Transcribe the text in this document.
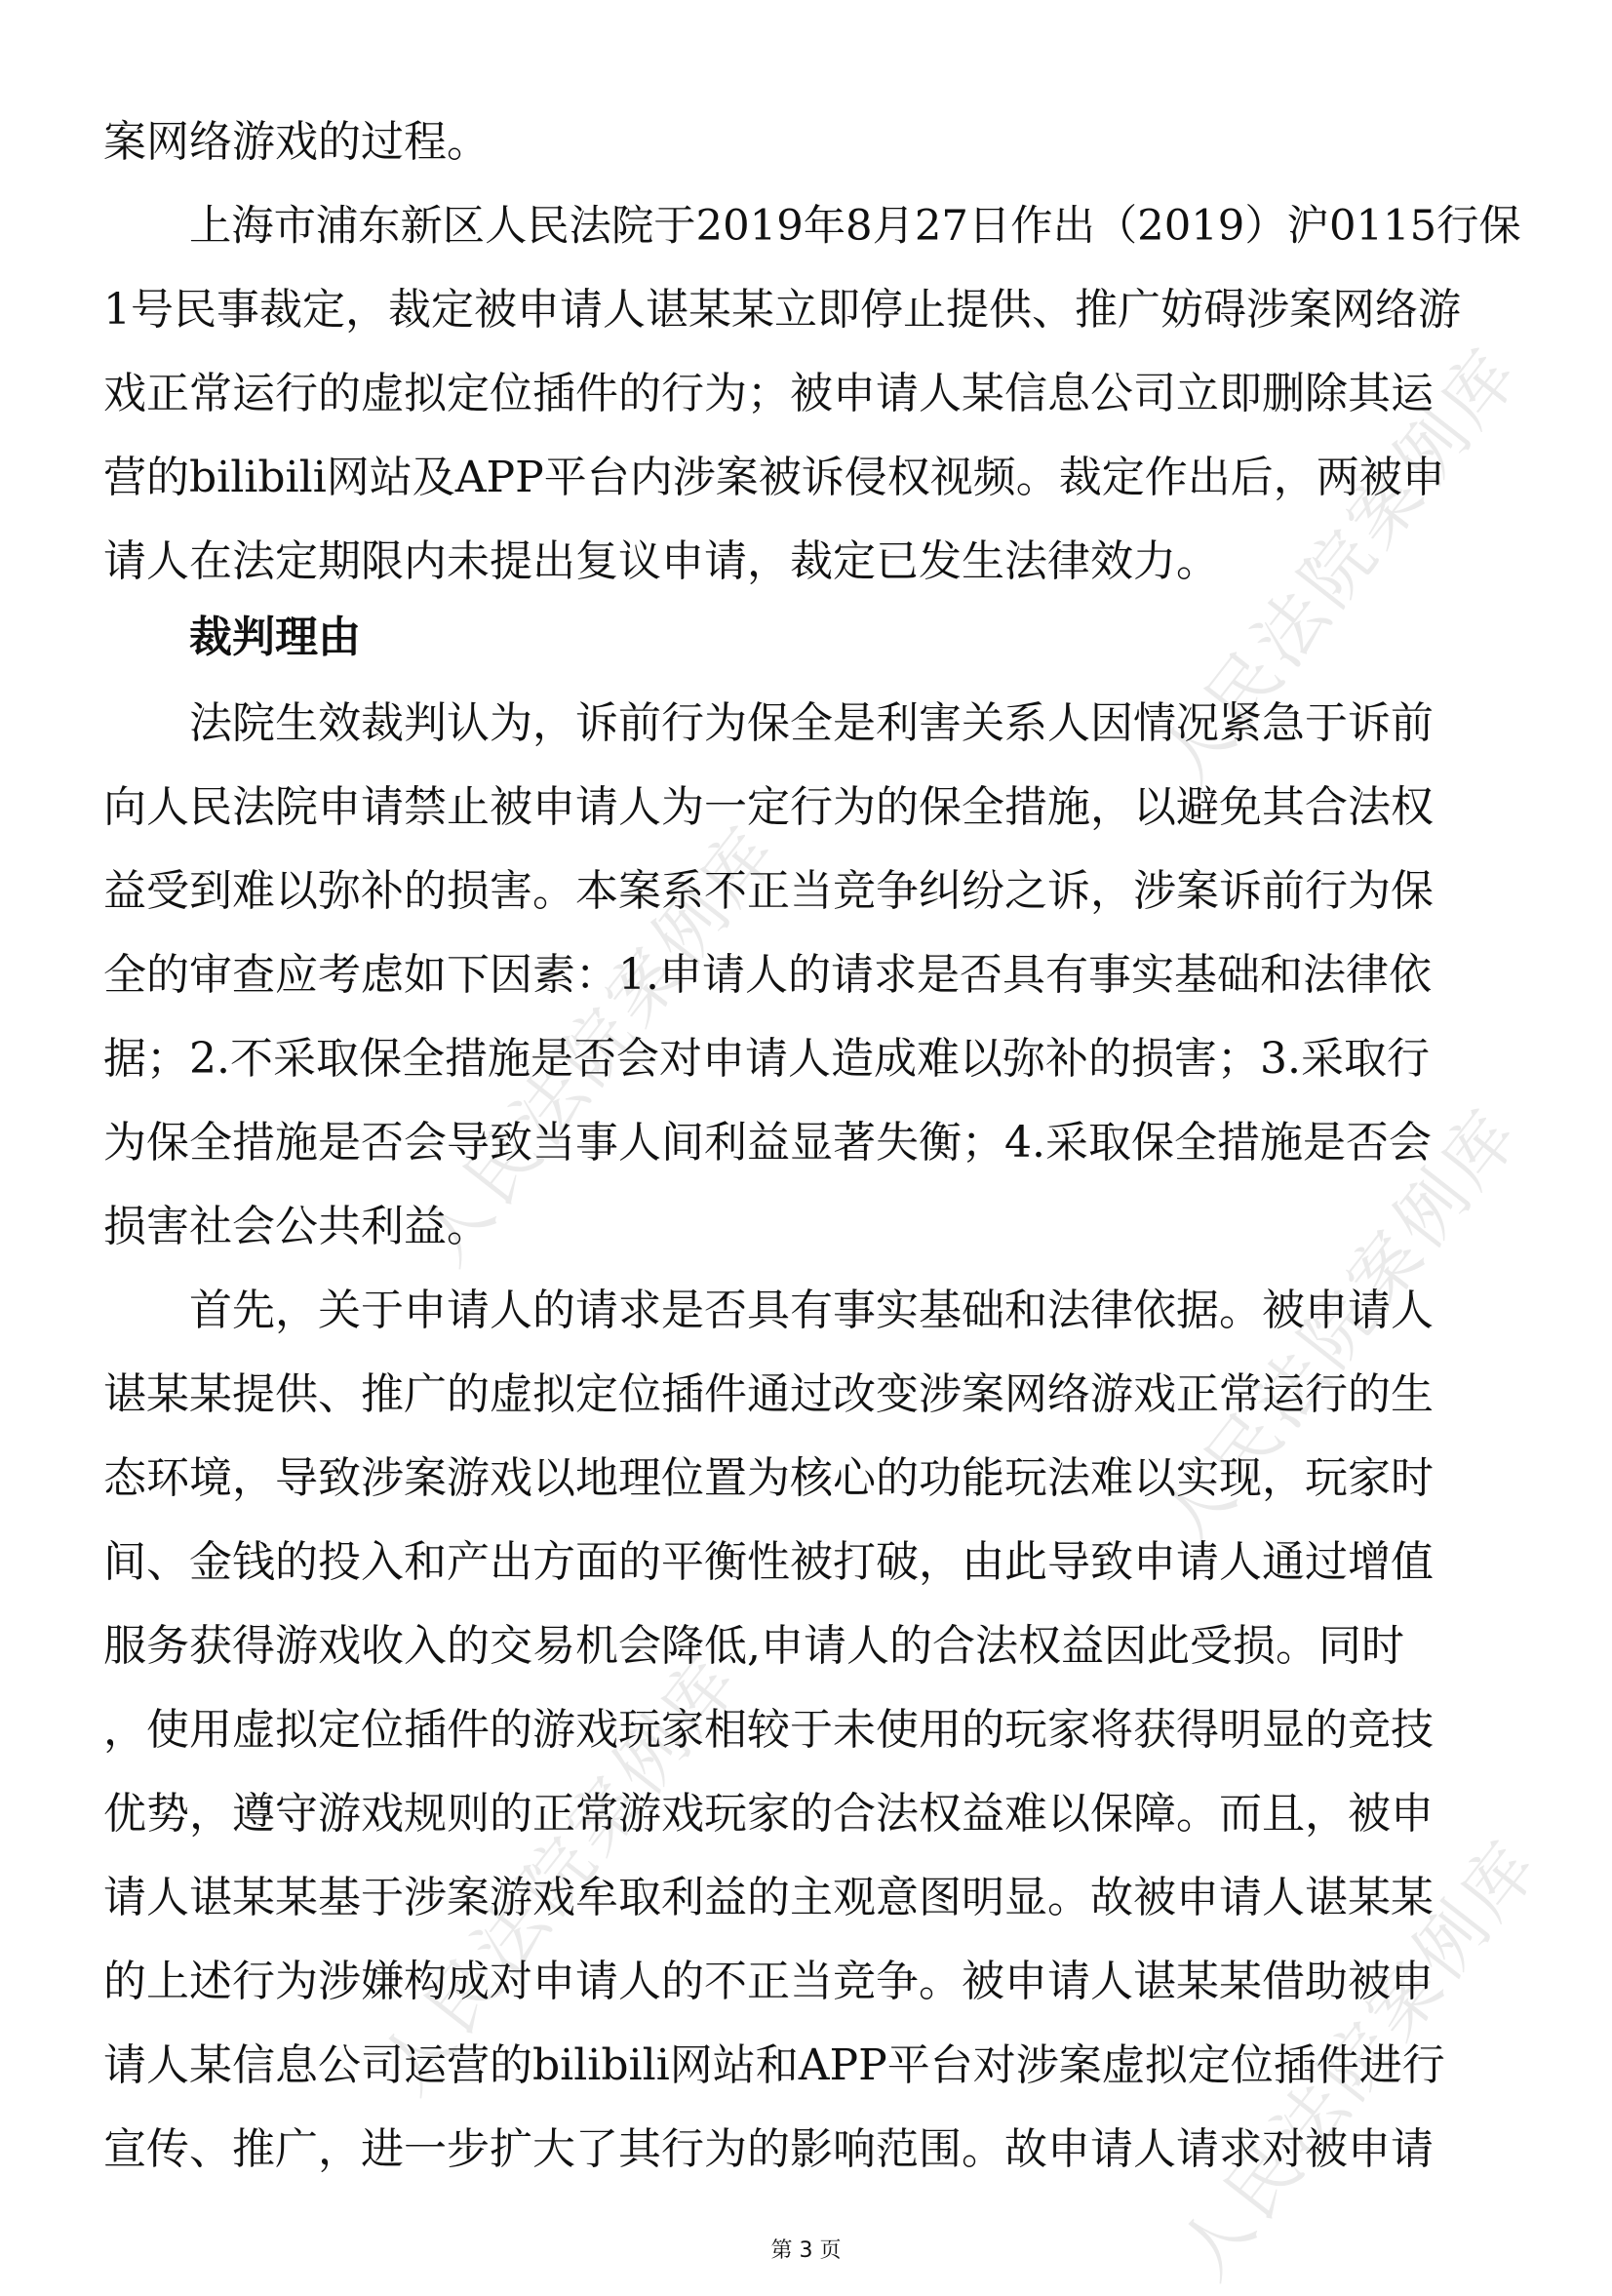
人民法院案例库
人民法院案例库
人民法院案例库
人民法院案例库	人民法院案例库

案网络游戏的过程。

上海市浦东新区人民法院于2019年8月27日作出（2019）沪0115行保

1号民事裁定，裁定被申请人谌某某立即停止提供、推广妨碍涉案网络游

戏正常运行的虚拟定位插件的行为；被申请人某信息公司立即删除其运

营的bilibili网站及APP平台内涉案被诉侵权视频。裁定作出后，两被申

请人在法定期限内未提出复议申请，裁定已发生法律效力。

裁判理由

法院生效裁判认为，诉前行为保全是利害关系人因情况紧急于诉前

向人民法院申请禁止被申请人为一定行为的保全措施，以避免其合法权

益受到难以弥补的损害。本案系不正当竞争纠纷之诉，涉案诉前行为保

全的审查应考虑如下因素：1.申请人的请求是否具有事实基础和法律依

据；2.不采取保全措施是否会对申请人造成难以弥补的损害；3.采取行

为保全措施是否会导致当事人间利益显著失衡；4.采取保全措施是否会

损害社会公共利益。

首先，关于申请人的请求是否具有事实基础和法律依据。被申请人

谌某某提供、推广的虚拟定位插件通过改变涉案网络游戏正常运行的生

态环境，导致涉案游戏以地理位置为核心的功能玩法难以实现，玩家时

间、金钱的投入和产出方面的平衡性被打破，由此导致申请人通过增值

服务获得游戏收入的交易机会降低,申请人的合法权益因此受损。同时

，使用虚拟定位插件的游戏玩家相较于未使用的玩家将获得明显的竞技

优势，遵守游戏规则的正常游戏玩家的合法权益难以保障。而且，被申

请人谌某某基于涉案游戏牟取利益的主观意图明显。故被申请人谌某某

的上述行为涉嫌构成对申请人的不正当竞争。被申请人谌某某借助被申

请人某信息公司运营的bilibili网站和APP平台对涉案虚拟定位插件进行

宣传、推广，进一步扩大了其行为的影响范围。故申请人请求对被申请

第 3 页
